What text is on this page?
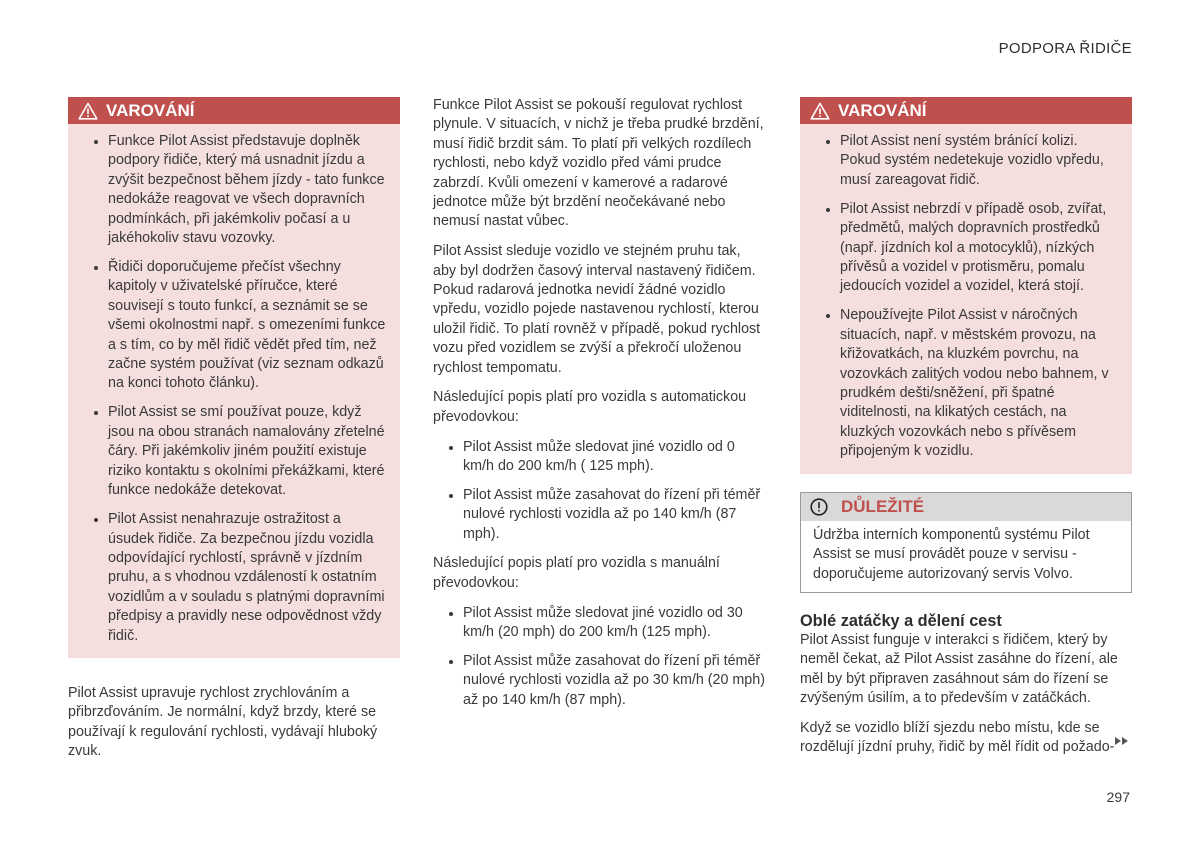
PODPORA ŘIDIČE
VAROVÁNÍ
• Funkce Pilot Assist představuje doplněk podpory řidiče, který má usnadnit jízdu a zvýšit bezpečnost během jízdy - tato funkce nedokáže reagovat ve všech dopravních podmínkách, při jakémkoliv počasí a u jakéhokoliv stavu vozovky.
• Řidiči doporučujeme přečíst všechny kapitoly v uživatelské příručce, které souvisejí s touto funkcí, a seznámit se se všemi okolnostmi např. s omezeními funkce a s tím, co by měl řidič vědět před tím, než začne systém používat (viz seznam odkazů na konci tohoto článku).
• Pilot Assist se smí používat pouze, když jsou na obou stranách namalovány zřetelné čáry. Při jakémkoliv jiném použití existuje riziko kontaktu s okolními překážkami, které funkce nedokáže detekovat.
• Pilot Assist nenahrazuje ostražitost a úsudek řidiče. Za bezpečnou jízdu vozidla odpovídající rychlostí, správně v jízdním pruhu, a s vhodnou vzdáleností k ostatním vozidlům a v souladu s platnými dopravními předpisy a pravidly nese odpovědnost vždy řidič.

Pilot Assist upravuje rychlost zrychlováním a přibrzďováním. Je normální, když brzdy, které se používají k regulování rychlosti, vydávají hluboký zvuk.

Funkce Pilot Assist se pokouší regulovat rychlost plynule. V situacích, v nichž je třeba prudké brzdění, musí řidič brzdit sám. To platí při velkých rozdílech rychlosti, nebo když vozidlo před vámi prudce zabrzdí. Kvůli omezení v kamerové a radarové jednotce může být brzdění neočekávané nebo nemusí nastat vůbec.

Pilot Assist sleduje vozidlo ve stejném pruhu tak, aby byl dodržen časový interval nastavený řidičem. Pokud radarová jednotka nevidí žádné vozidlo vpředu, vozidlo pojede nastavenou rychlostí, kterou uložil řidič. To platí rovněž v případě, pokud rychlost vozu před vozidlem se zvýší a překročí uloženou rychlost tempomatu.

Následující popis platí pro vozidla s automatickou převodovkou:

• Pilot Assist může sledovat jiné vozidlo od 0 km/h do 200 km/h ( 125 mph).
• Pilot Assist může zasahovat do řízení při téměř nulové rychlosti vozidla až po 140 km/h (87 mph).

Následující popis platí pro vozidla s manuální převodovkou:

• Pilot Assist může sledovat jiné vozidlo od 30 km/h (20 mph) do 200 km/h (125 mph).
• Pilot Assist může zasahovat do řízení při téměř nulové rychlosti vozidla až po 30 km/h (20 mph) až po 140 km/h (87 mph).
VAROVÁNÍ
• Pilot Assist není systém bránící kolizi. Pokud systém nedetekuje vozidlo vpředu, musí zareagovat řidič.
• Pilot Assist nebrzdí v případě osob, zvířat, předmětů, malých dopravních prostředků (např. jízdních kol a motocyklů), nízkých přívěsů a vozidel v protisměru, pomalu jedoucích vozidel a vozidel, která stojí.
• Nepoužívejte Pilot Assist v náročných situacích, např. v městském provozu, na křižovatkách, na kluzkém povrchu, na vozovkách zalitých vodou nebo bahnem, v prudkém dešti/sněžení, při špatné viditelnosti, na klikatých cestách, na kluzkých vozovkách nebo s přívěsem připojeným k vozidlu.
DŮLEŽITÉ
Údržba interních komponentů systému Pilot Assist se musí provádět pouze v servisu - doporučujeme autorizovaný servis Volvo.
Oblé zatáčky a dělení cest

Pilot Assist funguje v interakci s řidičem, který by neměl čekat, až Pilot Assist zasáhne do řízení, ale měl by být připraven zasáhnout sám do řízení se zvýšeným úsilím, a to především v zatáčkách.

Když se vozidlo blíží sjezdu nebo místu, kde se rozdělují jízdní pruhy, řidič by měl řídit od požado-

297
